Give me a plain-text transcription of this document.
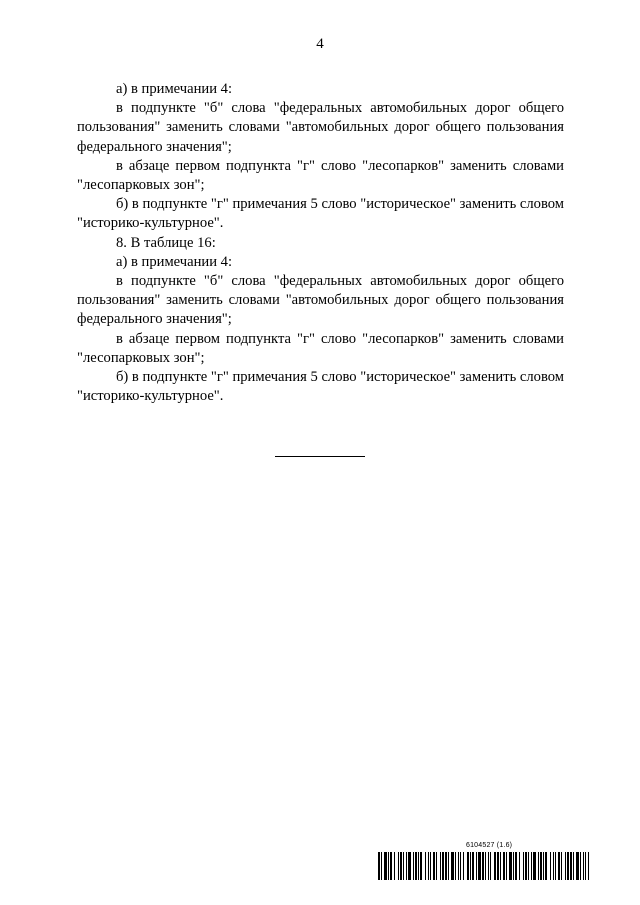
4

а) в примечании 4:

в подпункте "б" слова "федеральных автомобильных дорог общего пользования" заменить словами "автомобильных дорог общего пользования федерального значения";

в абзаце первом подпункта "г" слово "лесопарков" заменить словами "лесопарковых зон";

б) в подпункте "г" примечания 5 слово "историческое" заменить словом "историко-культурное".

8. В таблице 16:

а) в примечании 4:

в подпункте "б" слова "федеральных автомобильных дорог общего пользования" заменить словами "автомобильных дорог общего пользования федерального значения";

в абзаце первом подпункта "г" слово "лесопарков" заменить словами "лесопарковых зон";

б) в подпункте "г" примечания 5 слово "историческое" заменить словом "историко-культурное".

6104527 (1.6)
